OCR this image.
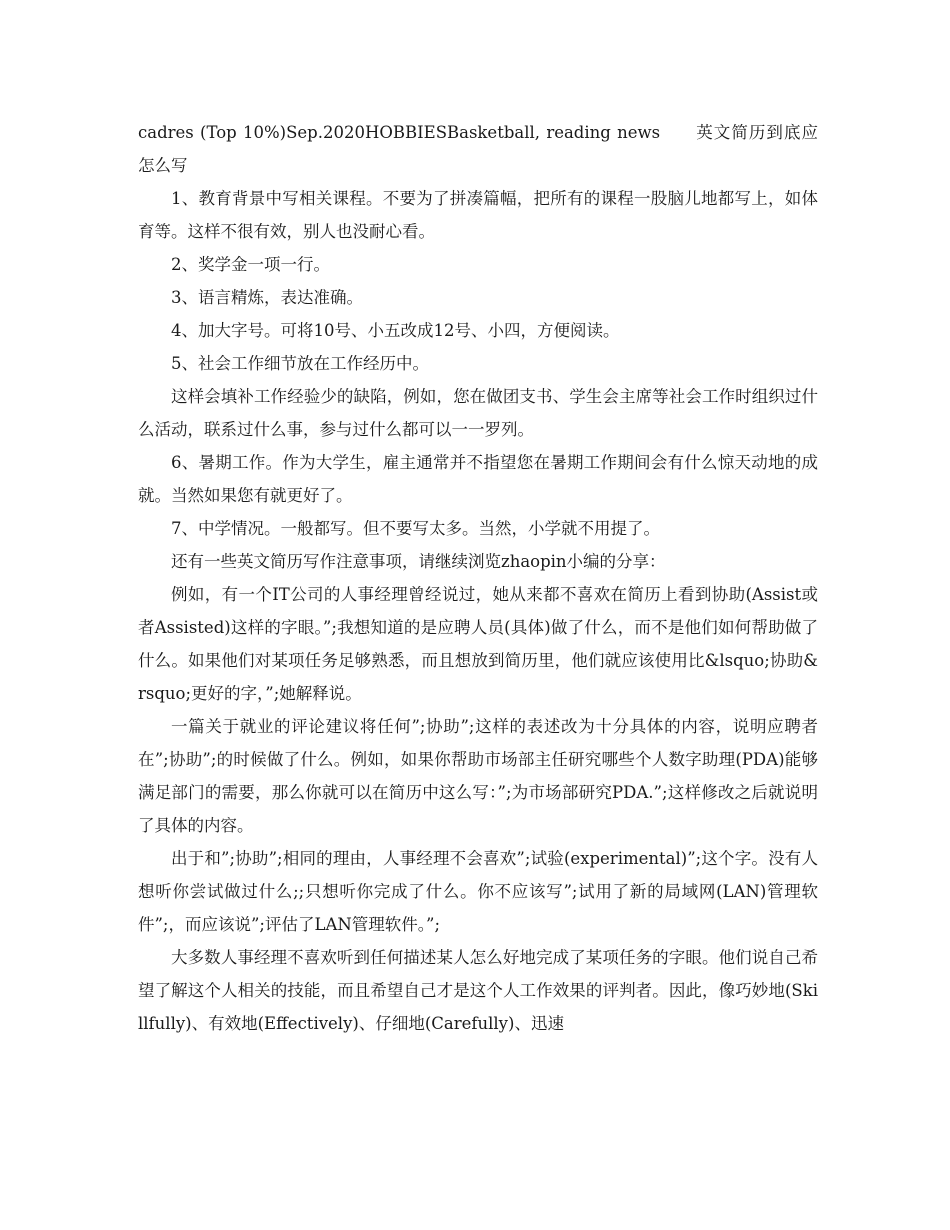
cadres (Top 10%)Sep.2020HOBBIESBasketball, reading news　　英文简历到底应怎么写

1、教育背景中写相关课程。不要为了拼凑篇幅，把所有的课程一股脑儿地都写上，如体育等。这样不很有效，别人也没耐心看。

2、奖学金一项一行。

3、语言精炼，表达准确。

4、加大字号。可将10号、小五改成12号、小四，方便阅读。

5、社会工作细节放在工作经历中。

这样会填补工作经验少的缺陷，例如，您在做团支书、学生会主席等社会工作时组织过什么活动，联系过什么事，参与过什么都可以一一罗列。

6、暑期工作。作为大学生，雇主通常并不指望您在暑期工作期间会有什么惊天动地的成就。当然如果您有就更好了。

7、中学情况。一般都写。但不要写太多。当然，小学就不用提了。

还有一些英文简历写作注意事项，请继续浏览zhaopin小编的分享：

例如，有一个IT公司的人事经理曾经说过，她从来都不喜欢在简历上看到协助(Assist或者Assisted)这样的字眼。”;我想知道的是应聘人员(具体)做了什么，而不是他们如何帮助做了什么。如果他们对某项任务足够熟悉，而且想放到简历里，他们就应该使用比&lsquo;协助&rsquo;更好的字，”;她解释说。

一篇关于就业的评论建议将任何”;协助”;这样的表述改为十分具体的内容，说明应聘者在”;协助”;的时候做了什么。例如，如果你帮助市场部主任研究哪些个人数字助理(PDA)能够满足部门的需要，那么你就可以在简历中这么写：”;为市场部研究PDA.”;这样修改之后就说明了具体的内容。

出于和”;协助”;相同的理由，人事经理不会喜欢”;试验(experimental)”;这个字。没有人想听你尝试做过什么;;只想听你完成了什么。你不应该写”;试用了新的局域网(LAN)管理软件”;，而应该说”;评估了LAN管理软件。”;

大多数人事经理不喜欢听到任何描述某人怎么好地完成了某项任务的字眼。他们说自己希望了解这个人相关的技能，而且希望自己才是这个人工作效果的评判者。因此，像巧妙地(Skillfully)、有效地(Effectively)、仔细地(Carefully)、迅速
